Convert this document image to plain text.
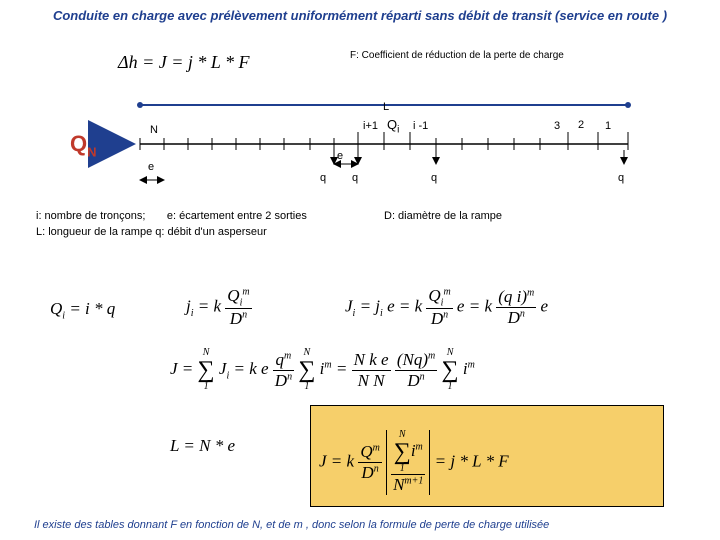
Conduite en charge avec prélèvement uniformément réparti sans débit de transit (service en route )
Δh = J = j * L * F	F: Coefficient de réduction de la perte de charge
$Q_N$
L
N
e
e
i+1 $Q_i$ i -1	3 2 1
q q	q	q
i: nombre de tronçons;       e: écartement entre 2 sorties
L: longueur de la rampe q: débit d'un asperseur
D: diamètre de la rampe
$Q_i = i * q$	$j_i = k \frac{Q_i^m}{D^n}$	$J_i = j_i$ e = k $\frac{Q_i^m}{D^n}$ e = k $\frac{(q i)^m}{D^n}$ e
J = N
∑
1 $J_i = k$ e $\frac{q^m}{D^n}$ N
∑
1 $i^m = \frac{\text{N k e}}{\text{N N}}$
$\frac{(Nq)^m}{D^n}$ N
∑
1 $i^m$
L = N * e
J = k $\frac{Q^m}{D^n}$

N
∑
$1i^m$
$N^{m+1}$
= j * L * F
Il existe des tables donnant F en fonction de N, et de m , donc selon la formule de perte de charge utilisée
